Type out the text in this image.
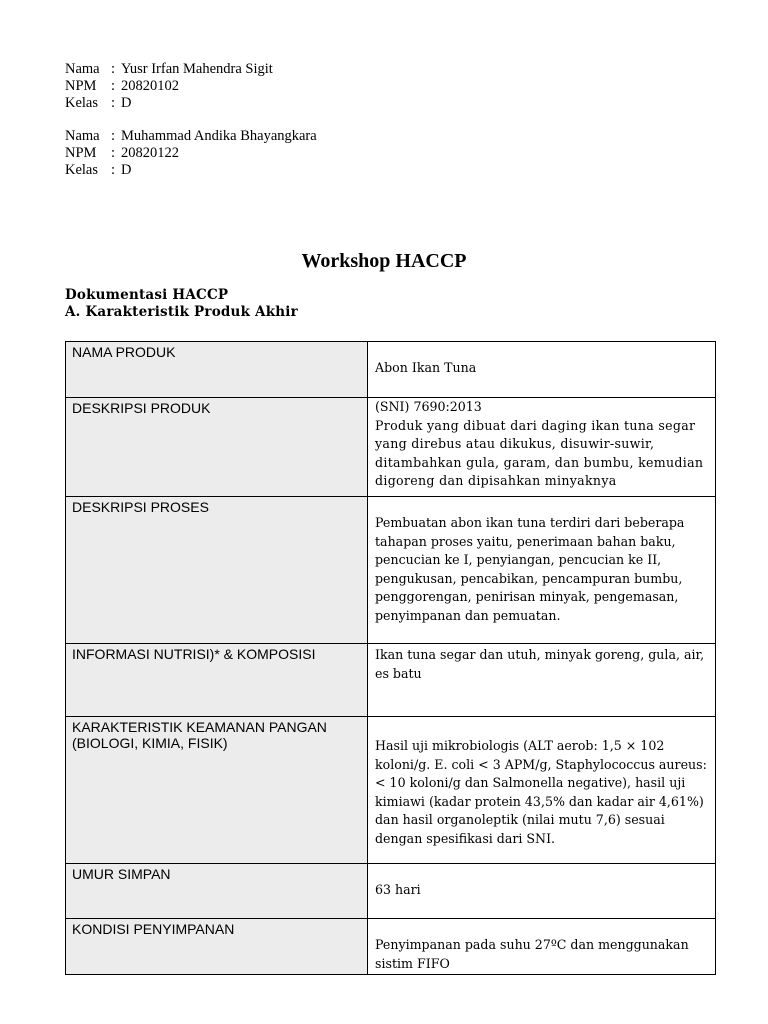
Nama : Yusr Irfan Mahendra Sigit
NPM	: 20820102
Kelas : D
Nama : Muhammad Andika Bhayangkara
NPM	: 20820122
Kelas : D
Workshop HACCP
Dokumentasi HACCP
A. Karakteristik Produk Akhir
NAMA PRODUK	Abon Ikan Tuna

DESKRIPSI PRODUK	(SNI) 7690:2013
Produk yang dibuat dari daging ikan tuna segar yang direbus atau dikukus, disuwir-suwir, ditambahkan gula, garam, dan bumbu, kemudian digoreng dan dipisahkan minyaknya

DESKRIPSI PROSES	Pembuatan abon ikan tuna terdiri dari beberapa tahapan proses yaitu, penerimaan bahan baku, pencucian ke I, penyiangan, pencucian ke II, pengukusan, pencabikan, pencampuran bumbu, penggorengan, penirisan minyak, pengemasan, penyimpanan dan pemuatan.

INFORMASI NUTRISI)* & KOMPOSISI	Ikan tuna segar dan utuh, minyak goreng, gula, air, es batu

KARAKTERISTIK KEAMANAN PANGAN (BIOLOGI, KIMIA, FISIK)	Hasil uji mikrobiologis (ALT aerob: 1,5 × 102 koloni/g. E. coli < 3 APM/g, Staphylococcus aureus: < 10 koloni/g dan Salmonella negative), hasil uji kimiawi (kadar protein 43,5% dan kadar air 4,61%) dan hasil organoleptik (nilai mutu 7,6) sesuai dengan spesifikasi dari SNI.

UMUR SIMPAN	63 hari

KONDISI PENYIMPANAN	Penyimpanan pada suhu 27ºC dan menggunakan sistim FIFO
